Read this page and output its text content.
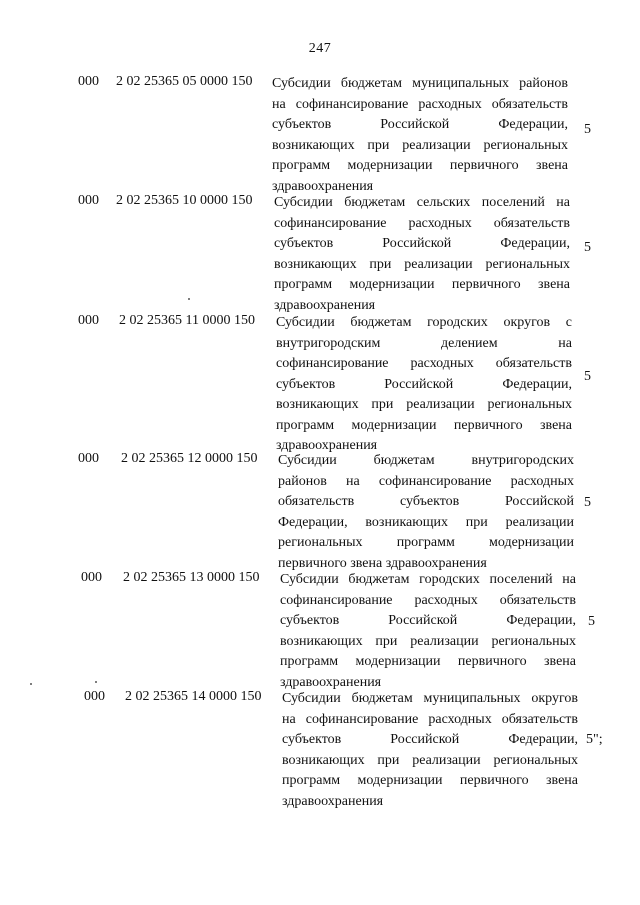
247
000 2 02 25365 05 0000 150 Субсидии бюджетам муниципальных районов
на софинансирование расходных обязательств
субъектов Российской Федерации,
возникающих при реализации региональных
программ модернизации первичного звена
здравоохранения
5
000 2 02 25365 10 0000 150 Субсидии бюджетам сельских поселений на
софинансирование расходных обязательств
субъектов Российской Федерации,
возникающих при реализации региональных
программ модернизации первичного звена
здравоохранения
5
000 2 02 25365 11 0000 150 Субсидии бюджетам городских округов с
внутригородским делением на
софинансирование расходных обязательств
субъектов Российской Федерации,
возникающих при реализации региональных
программ модернизации первичного звена
здравоохранения
5
000 2 02 25365 12 0000 150 Субсидии бюджетам внутригородских
районов на софинансирование расходных
обязательств субъектов Российской
Федерации, возникающих при реализации
региональных программ модернизации
первичного звена здравоохранения
5
000 2 02 25365 13 0000 150 Субсидии бюджетам городских поселений на
софинансирование расходных обязательств
субъектов Российской Федерации,
возникающих при реализации региональных
программ модернизации первичного звена
здравоохранения
5
000 2 02 25365 14 0000 150 Субсидии бюджетам муниципальных округов
на софинансирование расходных обязательств
субъектов Российской Федерации,
возникающих при реализации региональных
программ модернизации первичного звена
здравоохранения
5";
